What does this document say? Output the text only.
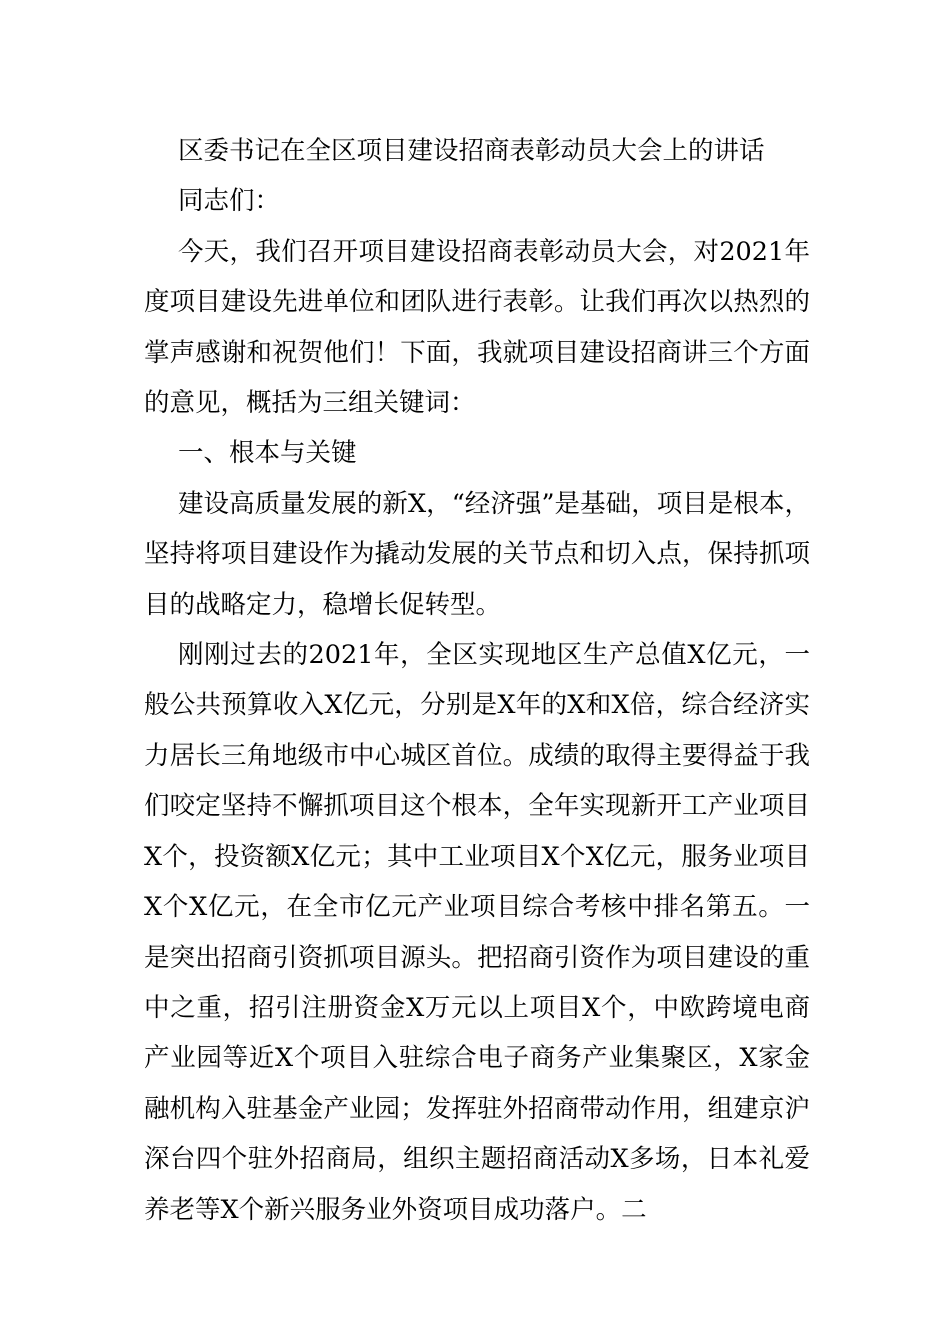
区委书记在全区项目建设招商表彰动员大会上的讲话

同志们：

今天，我们召开项目建设招商表彰动员大会，对2021年度项目建设先进单位和团队进行表彰。让我们再次以热烈的掌声感谢和祝贺他们！下面，我就项目建设招商讲三个方面的意见，概括为三组关键词：

一、根本与关键

建设高质量发展的新X，“经济强”是基础，项目是根本，坚持将项目建设作为撬动发展的关节点和切入点，保持抓项目的战略定力，稳增长促转型。

刚刚过去的2021年，全区实现地区生产总值X亿元，一般公共预算收入X亿元，分别是X年的X和X倍，综合经济实力居长三角地级市中心城区首位。成绩的取得主要得益于我们咬定坚持不懈抓项目这个根本，全年实现新开工产业项目X个，投资额X亿元；其中工业项目X个X亿元，服务业项目X个X亿元，在全市亿元产业项目综合考核中排名第五。一是突出招商引资抓项目源头。把招商引资作为项目建设的重中之重，招引注册资金X万元以上项目X个，中欧跨境电商产业园等近X个项目入驻综合电子商务产业集聚区，X家金融机构入驻基金产业园；发挥驻外招商带动作用，组建京沪深台四个驻外招商局，组织主题招商活动X多场，日本礼爱养老等X个新兴服务业外资项目成功落户。二
